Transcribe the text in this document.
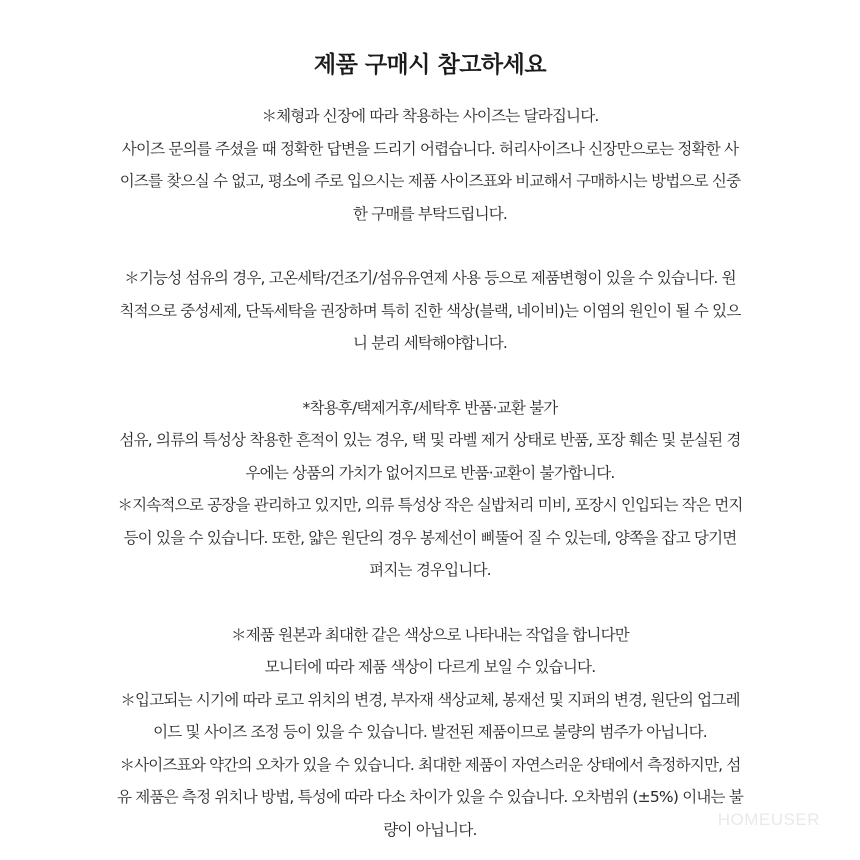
제품 구매시 참고하세요
＊체형과 신장에 따라 착용하는 사이즈는 달라집니다.
사이즈 문의를 주셨을 때 정확한 답변을 드리기 어렵습니다. 허리사이즈나 신장만으로는 정확한 사
이즈를 찾으실 수 없고, 평소에 주로 입으시는 제품 사이즈표와 비교해서 구매하시는 방법으로 신중
한 구매를 부탁드립니다.
＊기능성 섬유의 경우, 고온세탁/건조기/섬유유연제 사용 등으로 제품변형이 있을 수 있습니다. 원
칙적으로 중성세제, 단독세탁을 권장하며 특히 진한 색상(블랙, 네이비)는 이염의 원인이 될 수 있으
니 분리 세탁해야합니다.
*착용후/택제거후/세탁후 반품·교환 불가
섬유, 의류의 특성상 착용한 흔적이 있는 경우, 택 및 라벨 제거 상태로 반품, 포장 훼손 및 분실된 경
우에는 상품의 가치가 없어지므로 반품·교환이 불가합니다.
＊지속적으로 공장을 관리하고 있지만, 의류 특성상 작은 실밥처리 미비, 포장시 인입되는 작은 먼지
등이 있을 수 있습니다. 또한, 얇은 원단의 경우 봉제선이 삐뚤어 질 수 있는데, 양쪽을 잡고 당기면
펴지는 경우입니다.
＊제품 원본과 최대한 같은 색상으로 나타내는 작업을 합니다만
모니터에 따라 제품 색상이 다르게 보일 수 있습니다.
＊입고되는 시기에 따라 로고 위치의 변경, 부자재 색상교체, 봉재선 및 지퍼의 변경, 원단의 업그레
이드 및 사이즈 조정 등이 있을 수 있습니다. 발전된 제품이므로 불량의 범주가 아닙니다.
＊사이즈표와 약간의 오차가 있을 수 있습니다. 최대한 제품이 자연스러운 상태에서 측정하지만, 섬
유 제품은 측정 위치나 방법, 특성에 따라 다소 차이가 있을 수 있습니다. 오차범위 (±5%) 이내는 불
량이 아닙니다.
HOMEUSER
